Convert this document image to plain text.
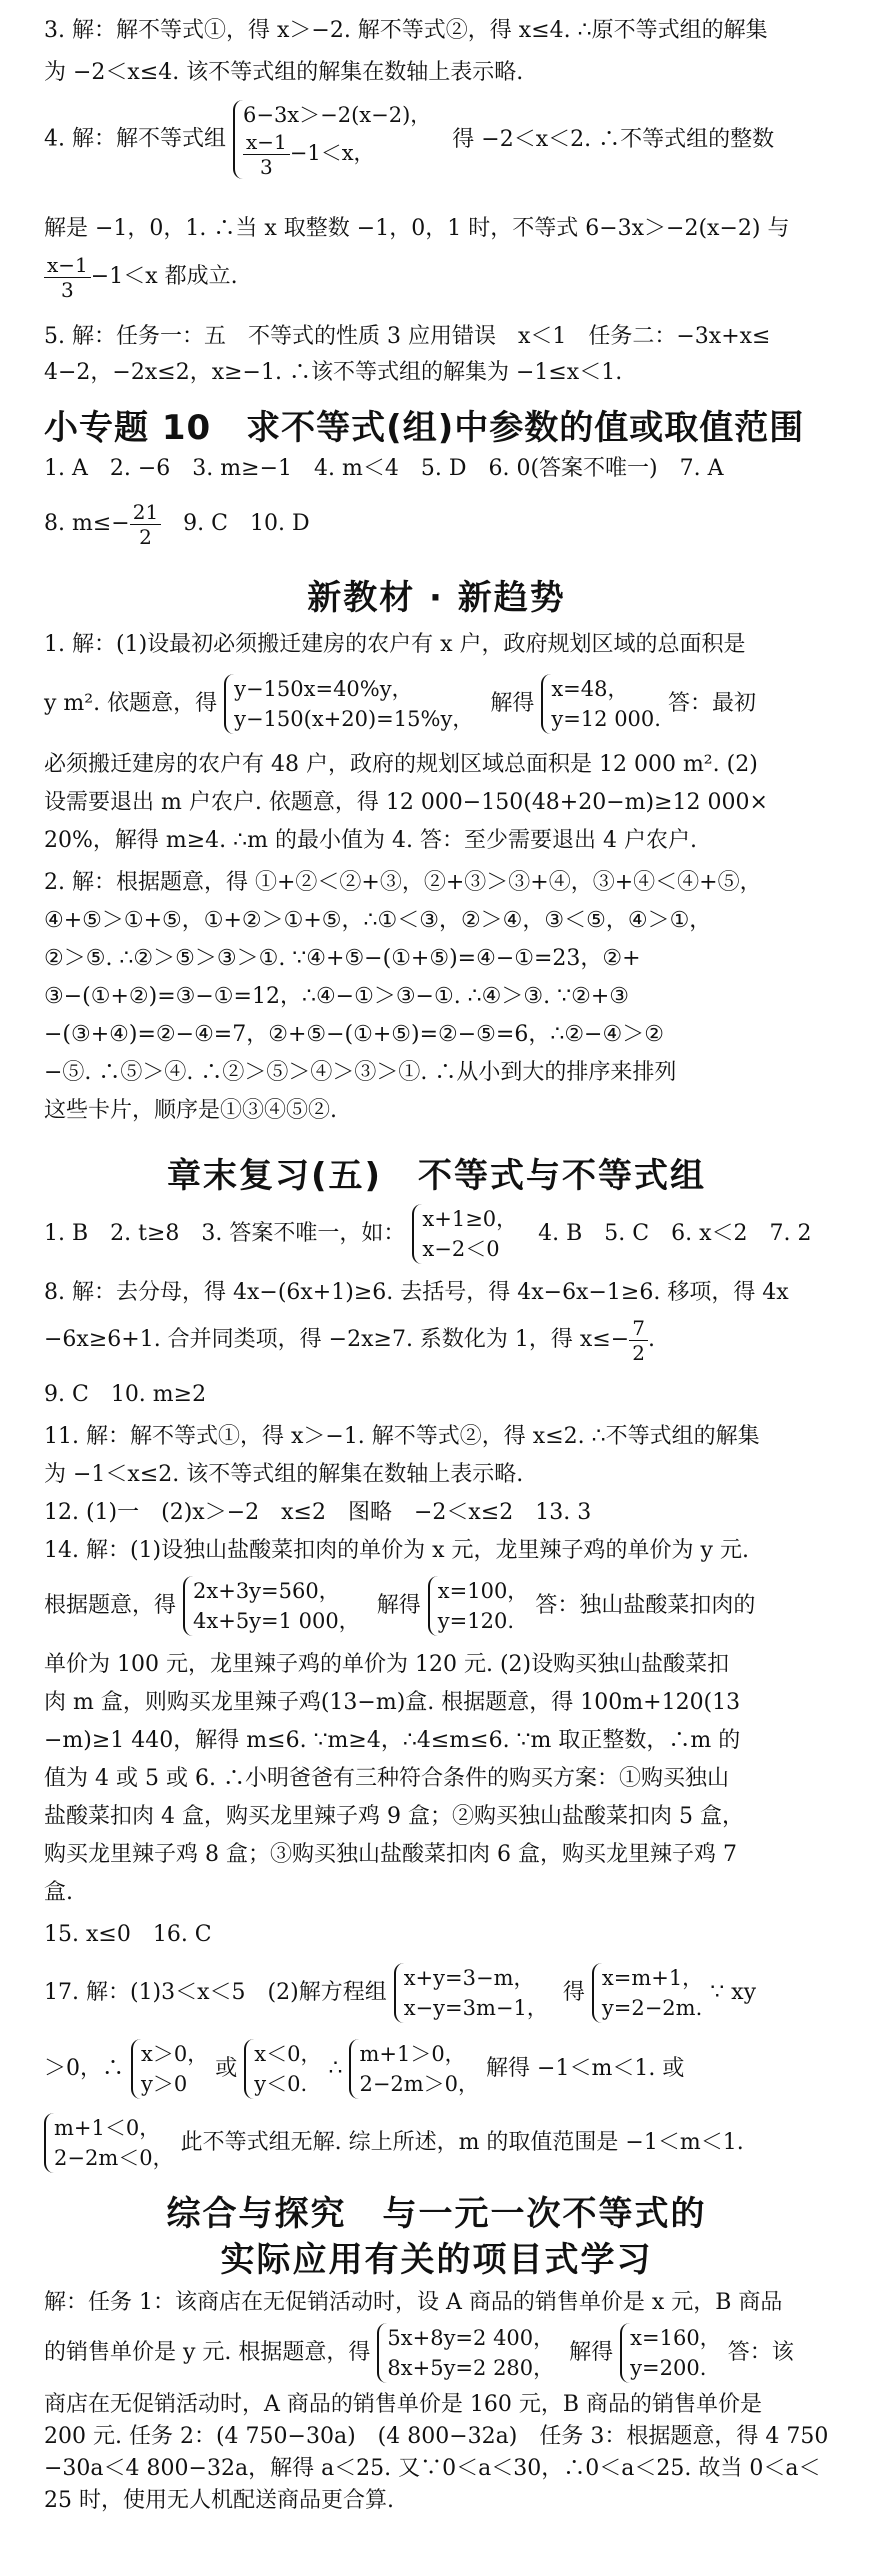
3. 解：解不等式①，得 x＞−2. 解不等式②，得 x≤4. ∴原不等式组的解集
为 −2＜x≤4. 该不等式组的解集在数轴上表示略.
4. 解：解不等式组
6−3x＞−2(x−2)，
$\frac{x-1}{3} -1<x$，
得 −2＜x＜2. ∴不等式组的整数
解是 −1，0，1. ∴当 x 取整数 −1，0，1 时，不等式 6−3x＞−2(x−2) 与
$\frac{x-1}{3} -1<x$ 都成立.
5. 解：任务一：五　不等式的性质 3 应用错误　x＜1　任务二：−3x+x≤
4−2，−2x≤2，x≥−1. ∴该不等式组的解集为 −1≤x＜1.
小专题 10　求不等式(组)中参数的值或取值范围
1. A　2. −6　3. m≥−1　4. m＜4　5. D　6. 0(答案不唯一)　7. A
8. $m\le- \frac{21}{2}$ 　9. C　10. D
新教材 · 新趋势
1. 解：(1)设最初必须搬迁建房的农户有 x 户，政府规划区域的总面积是
y m². 依题意，得
y−150x=40%y，
y−150(x+20)=15%y，
解得
x=48，
y=12 000.
答：最初
必须搬迁建房的农户有 48 户，政府的规划区域总面积是 12 000 m². (2)
设需要退出 m 户农户. 依题意，得 12 000−150(48+20−m)≥12 000×
20%，解得 m≥4. ∴m 的最小值为 4. 答：至少需要退出 4 户农户.
2. 解：根据题意，得 ①+②＜②+③，②+③＞③+④，③+④＜④+⑤，
④+⑤＞①+⑤，①+②＞①+⑤，∴①＜③，②＞④，③＜⑤，④＞①，
②＞⑤. ∴②＞⑤＞③＞①. ∵④+⑤−(①+⑤)=④−①=23，②+
③−(①+②)=③−①=12，∴④−①＞③−①. ∴④＞③. ∵②+③
−(③+④)=②−④=7，②+⑤−(①+⑤)=②−⑤=6，∴②−④＞②
−⑤. ∴⑤＞④. ∴②＞⑤＞④＞③＞①. ∴从小到大的排序来排列
这些卡片，顺序是①③④⑤②.
章末复习(五)　不等式与不等式组
1. B　2. t≥8　3. 答案不唯一，如：
x+1≥0，
x−2＜0
4. B　5. C　6. x＜2　7. 2
8. 解：去分母，得 4x−(6x+1)≥6. 去括号，得 4x−6x−1≥6. 移项，得 4x
−6x≥6+1. 合并同类项，得 −2x≥7. 系数化为 1，得 $x\le- \frac{7}{2}$ .
9. C　10. m≥2
11. 解：解不等式①，得 x＞−1. 解不等式②，得 x≤2. ∴不等式组的解集
为 −1＜x≤2. 该不等式组的解集在数轴上表示略.
12. (1)一　(2)x＞−2　x≤2　图略　−2＜x≤2　13. 3
14. 解：(1)设独山盐酸菜扣肉的单价为 x 元，龙里辣子鸡的单价为 y 元.
根据题意，得
2x+3y=560，
4x+5y=1 000，
解得
x=100，
y=120.
答：独山盐酸菜扣肉的
单价为 100 元，龙里辣子鸡的单价为 120 元. (2)设购买独山盐酸菜扣
肉 m 盒，则购买龙里辣子鸡(13−m)盒. 根据题意，得 100m+120(13
−m)≥1 440，解得 m≤6. ∵m≥4，∴4≤m≤6. ∵m 取正整数，∴m 的
值为 4 或 5 或 6. ∴小明爸爸有三种符合条件的购买方案：①购买独山
盐酸菜扣肉 4 盒，购买龙里辣子鸡 9 盒；②购买独山盐酸菜扣肉 5 盒，
购买龙里辣子鸡 8 盒；③购买独山盐酸菜扣肉 6 盒，购买龙里辣子鸡 7
盒.
15. x≤0　16. C
17. 解：(1)3＜x＜5　(2)解方程组
x+y=3−m，
x−y=3m−1，
得
x=m+1，
y=2−2m.
∵ xy
＞0，∴
x＞0，
y＞0
或
x＜0，
y＜0.
∴
m+1＞0，
2−2m＞0，
解得 −1＜m＜1. 或
m+1＜0，
2−2m＜0，
此不等式组无解. 综上所述，m 的取值范围是 −1＜m＜1.
综合与探究　与一元一次不等式的
实际应用有关的项目式学习
解：任务 1：该商店在无促销活动时，设 A 商品的销售单价是 x 元，B 商品
的销售单价是 y 元. 根据题意，得
5x+8y=2 400，
8x+5y=2 280，
解得
x=160，
y=200.
答：该
商店在无促销活动时，A 商品的销售单价是 160 元，B 商品的销售单价是
200 元. 任务 2：(4 750−30a)　(4 800−32a)　任务 3：根据题意，得 4 750
−30a＜4 800−32a，解得 a＜25. 又∵0＜a＜30，∴0＜a＜25. 故当 0＜a＜
25 时，使用无人机配送商品更合算.
